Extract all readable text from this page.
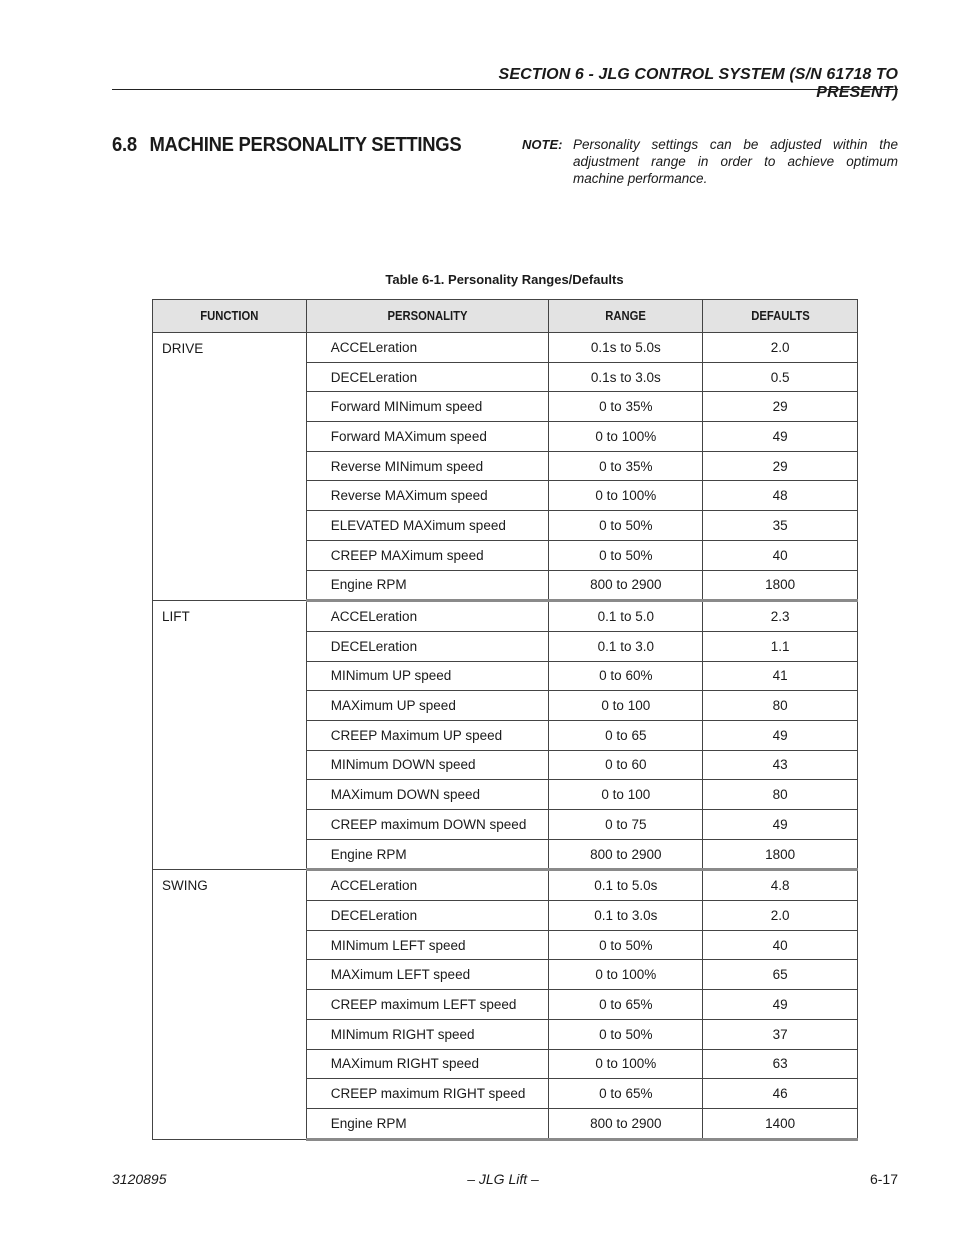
SECTION 6 - JLG CONTROL SYSTEM (S/N 61718 TO PRESENT)
6.8 MACHINE PERSONALITY SETTINGS	NOTE: Personality settings can be adjusted within the adjustment range in order to achieve optimum machine performance.
Table 6-1. Personality Ranges/Defaults
FUNCTION	PERSONALITY	RANGE	DEFAULTS
DRIVE	ACCELeration	0.1s to 5.0s	2.0
	DECELeration	0.1s to 3.0s	0.5
	Forward MINimum speed	0 to 35%	29
	Forward MAXimum speed	0 to 100%	49
	Reverse MINimum speed	0 to 35%	29
	Reverse MAXimum speed	0 to 100%	48
	ELEVATED MAXimum speed	0 to 50%	35
	CREEP MAXimum speed	0 to 50%	40
	Engine RPM	800 to 2900	1800
LIFT	ACCELeration	0.1 to 5.0	2.3
	DECELeration	0.1 to 3.0	1.1
	MINimum UP speed	0 to 60%	41
	MAXimum UP speed	0 to 100	80
	CREEP Maximum UP speed	0 to 65	49
	MINimum DOWN speed	0 to 60	43
	MAXimum DOWN speed	0 to 100	80
	CREEP maximum DOWN speed	0 to 75	49
	Engine RPM	800 to 2900	1800
SWING	ACCELeration	0.1 to 5.0s	4.8
	DECELeration	0.1 to 3.0s	2.0
	MINimum LEFT speed	0 to 50%	40
	MAXimum LEFT speed	0 to 100%	65
	CREEP maximum LEFT speed	0 to 65%	49
	MINimum RIGHT speed	0 to 50%	37
	MAXimum RIGHT speed	0 to 100%	63
	CREEP maximum RIGHT speed	0 to 65%	46
	Engine RPM	800 to 2900	1400
3120895	– JLG Lift –	6-17
